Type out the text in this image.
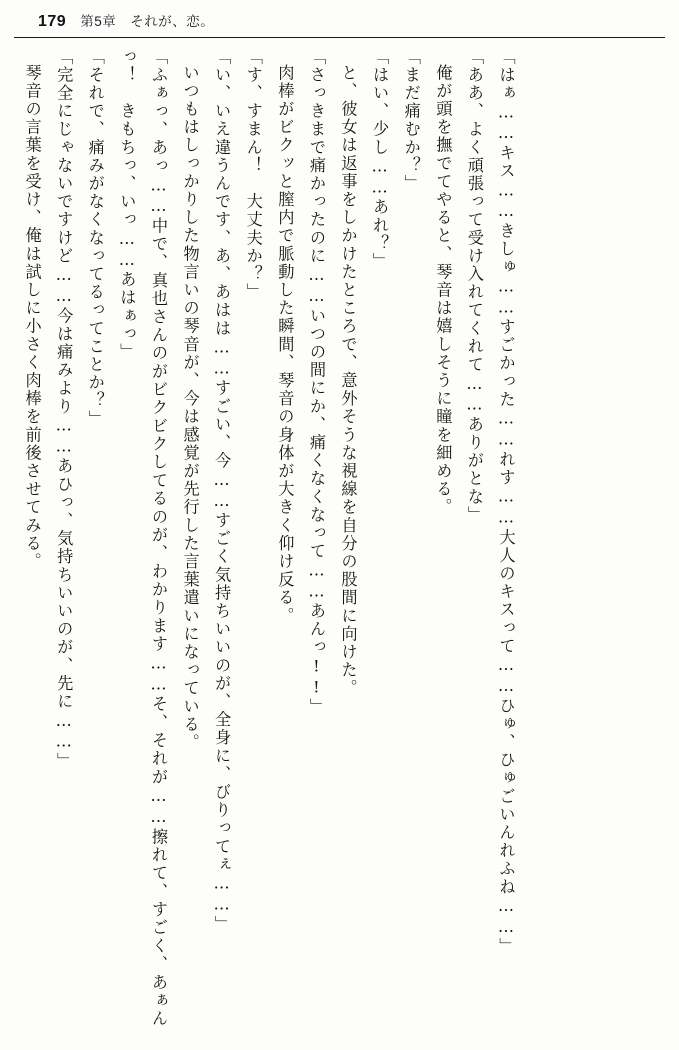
179 第5章　それが、恋。

「はぁ……キス……きしゅ……すごかった……れす……大人のキスって……ひゅ、ひゅごいんれふね……」

「ああ、よく頑張って受け入れてくれて……ありがとな」

俺が頭を撫でてやると、琴音は嬉しそうに瞳を細める。

「まだ痛むか？」

「はい、少し……あれ？」

と、彼女は返事をしかけたところで、意外そうな視線を自分の股間に向けた。

「さっきまで痛かったのに……いつの間にか、痛くなくなって……あんっ!!」

肉棒がビクッと膣内で脈動した瞬間、琴音の身体が大きく仰け反る。

「す、すまん！　大丈夫か？」

「い、いえ違うんです、あ、あはは……すごい、今……すごく気持ちいいのが、全身に、びりってぇ……」

いつもはしっかりした物言いの琴音が、今は感覚が先行した言葉遣いになっている。

「ふぁっ、あっ……中で、真也さんのがビクビクしてるのが、わかります……そ、それが……擦れて、すごく、あぁんっ！　きもちっ、いっ……あはぁっ」

「それで、痛みがなくなってるってことか？」

「完全にじゃないですけど……今は痛みより……あひっ、気持ちいいのが、先に……」

琴音の言葉を受け、俺は試しに小さく肉棒を前後させてみる。
